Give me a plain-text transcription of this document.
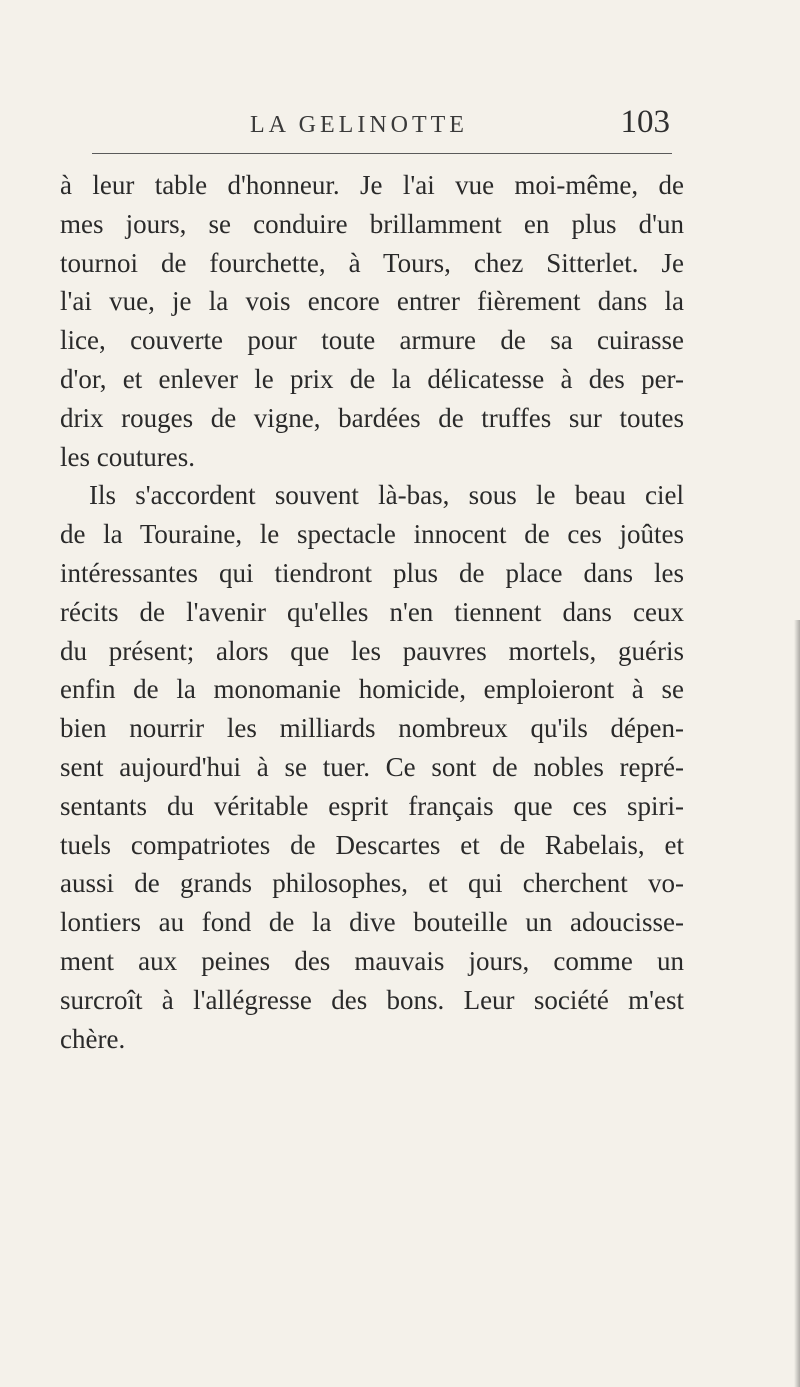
LA GELINOTTE	103
à leur table d'honneur. Je l'ai vue moi-même, de
mes jours, se conduire brillamment en plus d'un
tournoi de fourchette, à Tours, chez Sitterlet. Je
l'ai vue, je la vois encore entrer fièrement dans la
lice, couverte pour toute armure de sa cuirasse
d'or, et enlever le prix de la délicatesse à des per-
drix rouges de vigne, bardées de truffes sur toutes
les coutures.
Ils s'accordent souvent là-bas, sous le beau ciel
de la Touraine, le spectacle innocent de ces joûtes
intéressantes qui tiendront plus de place dans les
récits de l'avenir qu'elles n'en tiennent dans ceux
du présent; alors que les pauvres mortels, guéris
enfin de la monomanie homicide, emploieront à se
bien nourrir les milliards nombreux qu'ils dépen-
sent aujourd'hui à se tuer. Ce sont de nobles repré-
sentants du véritable esprit français que ces spiri-
tuels compatriotes de Descartes et de Rabelais, et
aussi de grands philosophes, et qui cherchent vo-
lontiers au fond de la dive bouteille un adoucisse-
ment aux peines des mauvais jours, comme un
surcroît à l'allégresse des bons. Leur société m'est
chère.
